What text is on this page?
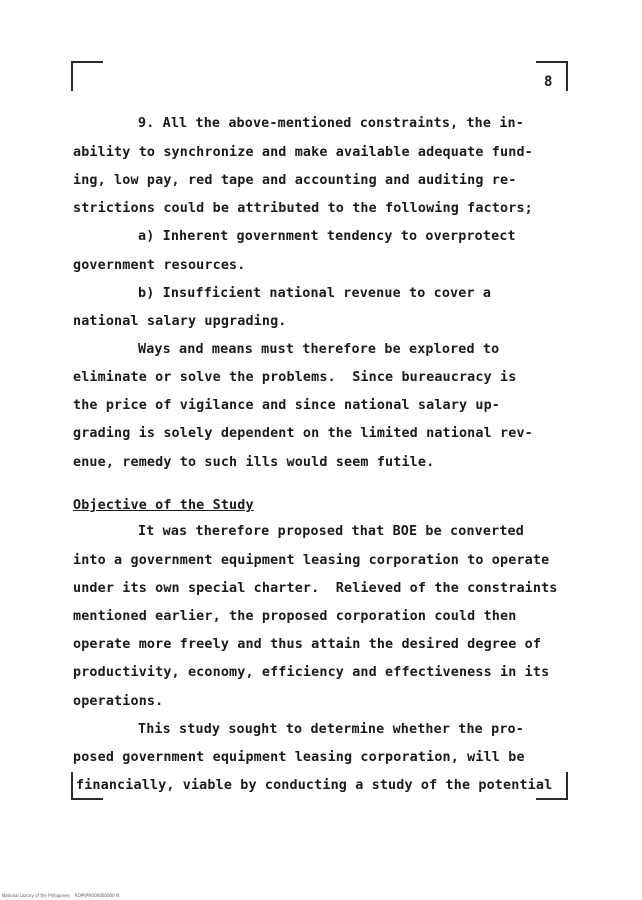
8
9. All the above-mentioned constraints, the in-
ability to synchronize and make available adequate fund-
ing, low pay, red tape and accounting and auditing re-
strictions could be attributed to the following factors;
a) Inherent government tendency to overprotect
government resources.
b) Insufficient national revenue to cover a
national salary upgrading.
Ways and means must therefore be explored to
eliminate or solve the problems.  Since bureaucracy is
the price of vigilance and since national salary up-
grading is solely dependent on the limited national rev-
enue, remedy to such ills would seem futile.
Objective of the Study
It was therefore proposed that BOE be converted
into a government equipment leasing corporation to operate
under its own special charter.  Relieved of the constraints
mentioned earlier, the proposed corporation could then
operate more freely and thus attain the desired degree of
productivity, economy, efficiency and effectiveness in its
operations.
This study sought to determine whether the pro-
posed government equipment leasing corporation, will be
financially, viable by conducting a study of the potential
National Library of the Philippines    ROPRPRO00000000 lit
